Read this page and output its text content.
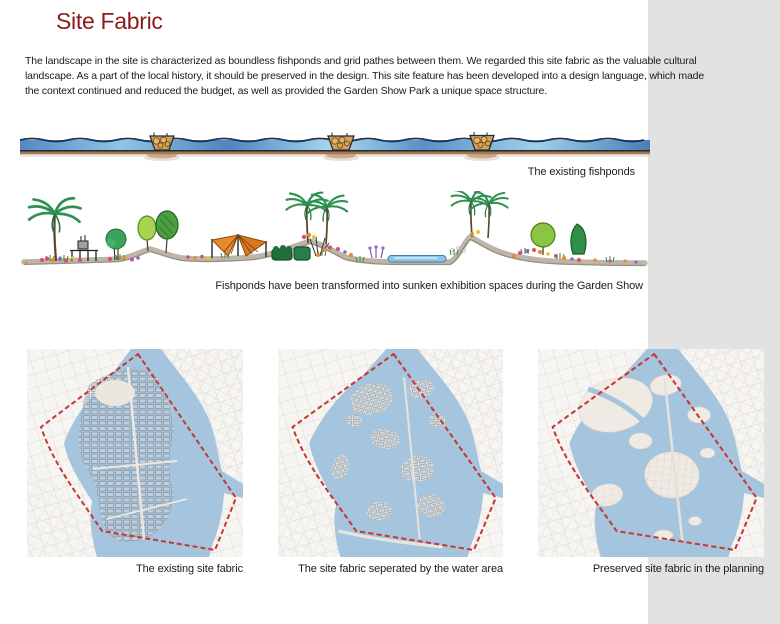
Site Fabric
The landscape in the site is characterized as boundless fishponds and grid pathes between them. We regarded this site fabric as the valuable cultural
landscape. As a part of the local history, it should be preserved in the design. This site feature has been developed into a design language, which made
the context continued and reduced the budget, as well as provided the Garden Show Park a unique space structure.
The existing fishponds
Fishponds have been transformed into sunken exhibition spaces during the Garden Show
The existing site fabric	The site fabric seperated by the water area	Preserved site fabric in the planning
